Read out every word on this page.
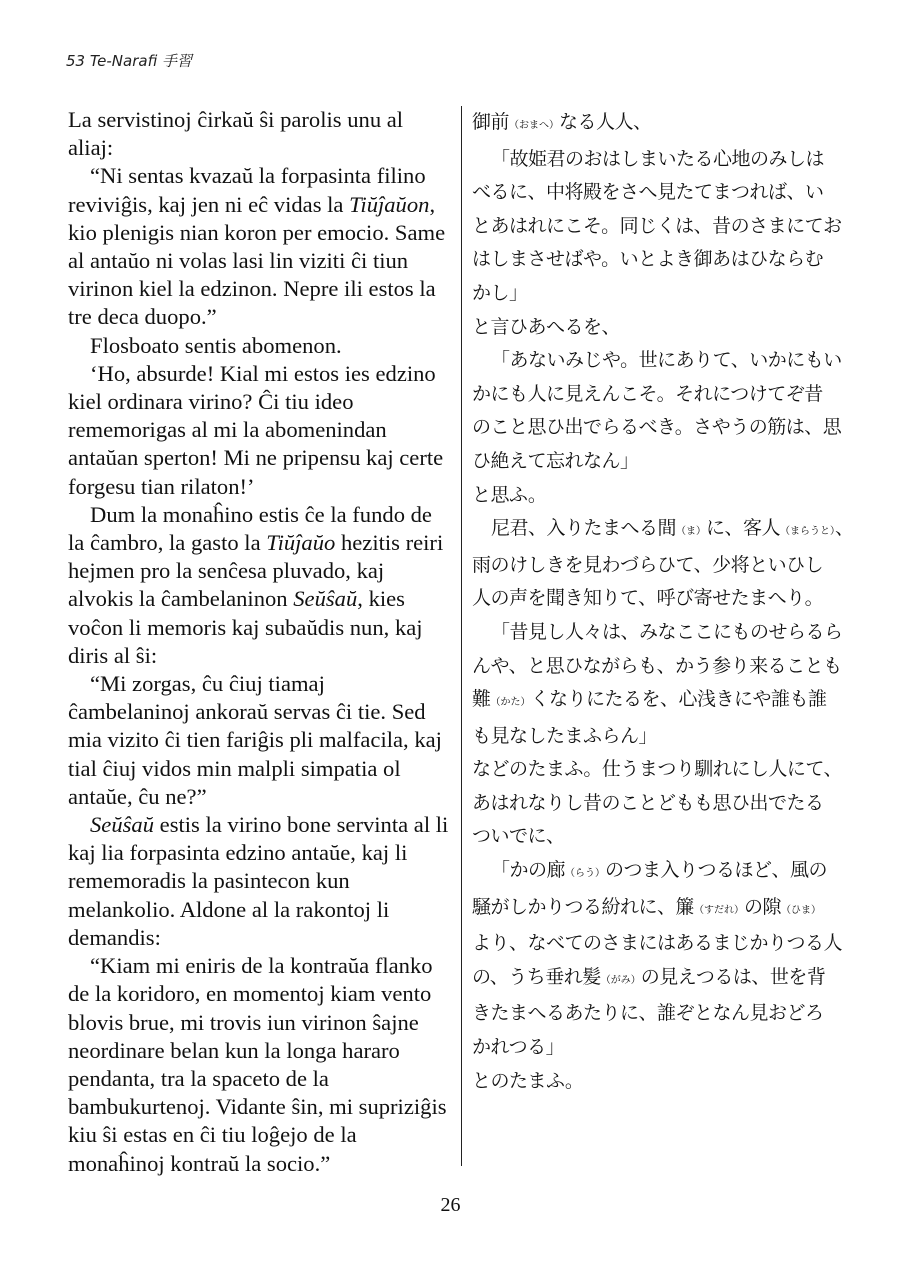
53 Te-Narafi 手習

La servistinoj ĉirkaŭ ŝi parolis unu al aliaj:

“Ni sentas kvazaŭ la forpasinta filino reviviĝis, kaj jen ni eĉ vidas la Tiŭĵaŭon, kio plenigis nian koron per emocio. Same al antaŭo ni volas lasi lin viziti ĉi tiun virinon kiel la edzinon. Nepre ili estos la tre deca duopo.”

Flosboato sentis abomenon.

‘Ho, absurde! Kial mi estos ies edzino kiel ordinara virino? Ĉi tiu ideo rememorigas al mi la abomenindan antaŭan sperton! Mi ne pripensu kaj certe forgesu tian rilaton!’

Dum la monaĥino estis ĉe la fundo de la ĉambro, la gasto la Tiŭĵaŭo hezitis reiri hejmen pro la senĉesa pluvado, kaj alvokis la ĉambelaninon Seŭŝaŭ, kies voĉon li memoris kaj subaŭdis nun, kaj diris al ŝi:

“Mi zorgas, ĉu ĉiuj tiamaj ĉambelaninoj ankoraŭ servas ĉi tie. Sed mia vizito ĉi tien fariĝis pli malfacila, kaj tial ĉiuj vidos min malpli simpatia ol antaŭe, ĉu ne?”

Seŭŝaŭ estis la virino bone servinta al li kaj lia forpasinta edzino antaŭe, kaj li rememoradis la pasintecon kun melankolio. Aldone al la rakontoj li demandis:

“Kiam mi eniris de la kontraŭa flanko de la koridoro, en momentoj kiam vento blovis brue, mi trovis iun virinon ŝajne neordinare belan kun la longa hararo pendanta, tra la spaceto de la bambukurtenoj. Vidante ŝin, mi supriziĝis kiu ŝi estas en ĉi tiu loĝejo de la monaĥinoj kontraŭ la socio.”

御前（おまへ）なる人人、
「故姫君のおはしまいたる心地のみしは
べるに、中将殿をさへ見たてまつれば、い
とあはれにこそ。同じくは、昔のさまにてお
はしまさせばや。いとよき御あはひならむ
かし」
と言ひあへるを、
「あないみじや。世にありて、いかにもい
かにも人に見えんこそ。それにつけてぞ昔
のこと思ひ出でらるべき。さやうの筋は、思
ひ絶えて忘れなん」
と思ふ。
尼君、入りたまへる間（ま）に、客人（まらうと）、
雨のけしきを見わづらひて、少将といひし
人の声を聞き知りて、呼び寄せたまへり。
「昔見し人々は、みなここにものせらるら
んや、と思ひながらも、かう参り来ることも
難（かた）くなりにたるを、心浅きにや誰も誰
も見なしたまふらん」
などのたまふ。仕うまつり馴れにし人にて、
あはれなりし昔のことどもも思ひ出でたる
ついでに、
「かの廊（らう）のつま入りつるほど、風の
騒がしかりつる紛れに、簾（すだれ）の隙（ひま）
より、なべてのさまにはあるまじかりつる人
の、うち垂れ髪（がみ）の見えつるは、世を背
きたまへるあたりに、誰ぞとなん見おどろ
かれつる」
とのたまふ。
26
